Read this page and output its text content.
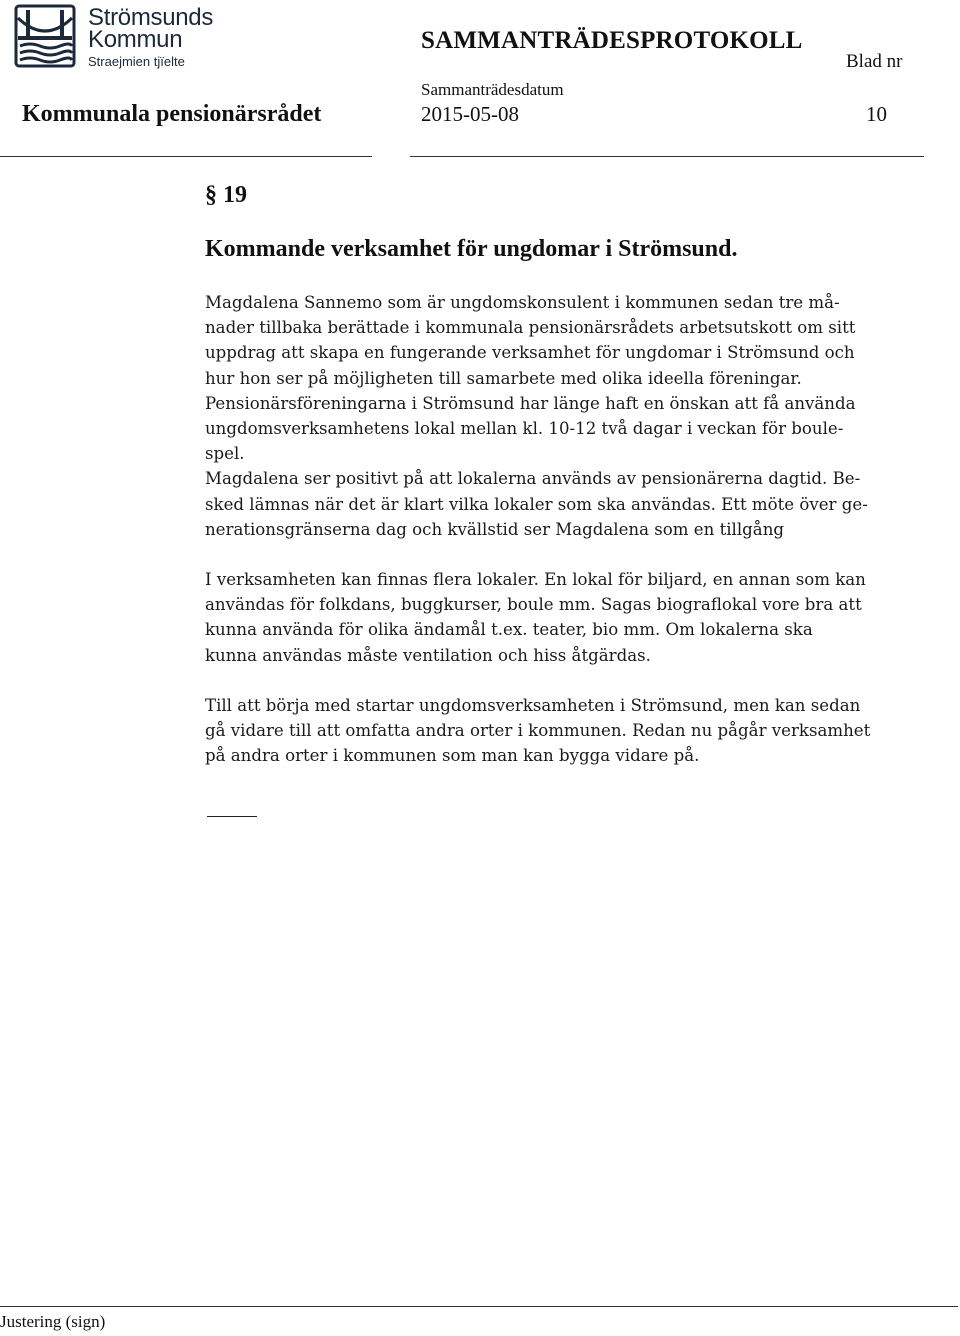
Strömsunds
Kommun
Straejmien tjïelte
SAMMANTRÄDESPROTOKOLL
Blad nr
Kommunala pensionärsrådet
Sammanträdesdatum
2015-05-08	10
§ 19
Kommande verksamhet för ungdomar i Strömsund.
Magdalena Sannemo som är ungdomskonsulent i kommunen sedan tre må-
nader tillbaka berättade i kommunala pensionärsrådets arbetsutskott om sitt
uppdrag att skapa en fungerande verksamhet för ungdomar i Strömsund och
hur hon ser på möjligheten till samarbete med olika ideella föreningar.
Pensionärsföreningarna i Strömsund har länge haft en önskan att få använda
ungdomsverksamhetens lokal mellan kl. 10-12 två dagar i veckan för boule-
spel.
Magdalena ser positivt på att lokalerna används av pensionärerna dagtid. Be-
sked lämnas när det är klart vilka lokaler som ska användas. Ett möte över ge-
nerationsgränserna dag och kvällstid ser Magdalena som en tillgång
I verksamheten kan finnas flera lokaler. En lokal för biljard, en annan som kan
användas för folkdans, buggkurser, boule mm. Sagas biograflokal vore bra att
kunna använda för olika ändamål t.ex. teater, bio mm. Om lokalerna ska
kunna användas måste ventilation och hiss åtgärdas.
Till att börja med startar ungdomsverksamheten i Strömsund, men kan sedan
gå vidare till att omfatta andra orter i kommunen. Redan nu pågår verksamhet
på andra orter i kommunen som man kan bygga vidare på.
Justering (sign)
